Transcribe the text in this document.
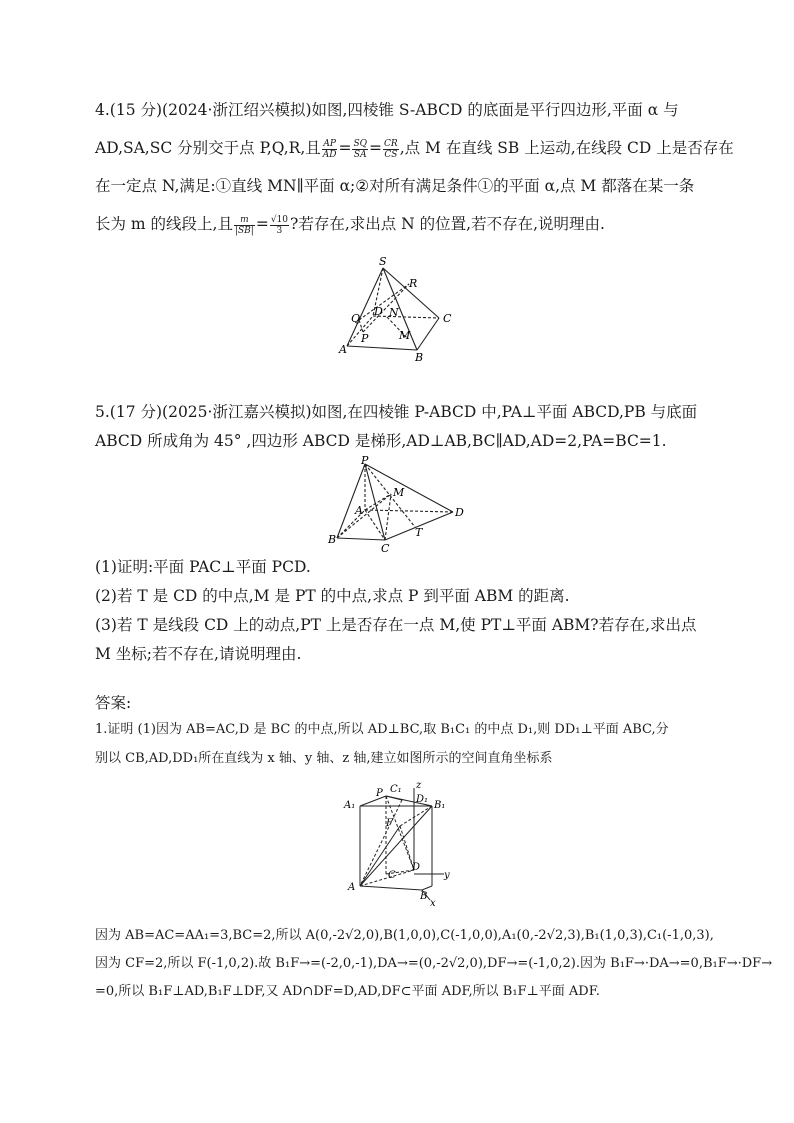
4.(15 分)(2024·浙江绍兴模拟)如图,四棱锥 S-ABCD 的底面是平行四边形,平面 α 与
AD,SA,SC 分别交于点 P,Q,R,且 $\frac{AP}{AD} = \frac{SQ}{SA} = \frac{CR}{CS}$ ,点 M 在直线 SB 上运动,在线段 CD 上是否存在
在一定点 N,满足:①直线 MN∥平面 α;②对所有满足条件①的平面 α,点 M 都落在某一条
长为 m 的线段上,且 $\frac{m}{|SB|} = \frac{√10}{3}$ ?若存在,求出点 N 的位置,若不存在,说明理由.
S
R
Q
D N	C
P	M
A
B
5.(17 分)(2025·浙江嘉兴模拟)如图,在四棱锥 P-ABCD 中,PA⊥平面 ABCD,PB 与底面
ABCD 所成角为 45° ,四边形 ABCD 是梯形,AD⊥AB,BC∥AD,AD=2,PA=BC=1.
P
M
A	D
T
B
C
(1)证明:平面 PAC⊥平面 PCD.
(2)若 T 是 CD 的中点,M 是 PT 的中点,求点 P 到平面 ABM 的距离.
(3)若 T 是线段 CD 上的动点,PT 上是否存在一点 M,使 PT⊥平面 ABM?若存在,求出点
M 坐标;若不存在,请说明理由.
答案:
1.证明 (1)因为 AB=AC,D 是 BC 的中点,所以 AD⊥BC,取 B₁C₁ 的中点 D₁,则 DD₁⊥平面 ABC,分
别以 CB,AD,DD₁所在直线为 x 轴、y 轴、z 轴,建立如图所示的空间直角坐标系
z
P C₁
D₁
A₁
F
B₁
D
C	y
A
B
x
因为 AB=AC=AA₁=3,BC=2,所以 A(0,-2√2,0),B(1,0,0),C(-1,0,0),A₁(0,-2√2,3),B₁(1,0,3),C₁(-1,0,3),
因为 CF=2,所以 F(-1,0,2).故 B₁F→=(-2,0,-1),DA→=(0,-2√2,0),DF→=(-1,0,2).因为 B₁F→·DA→=0,B₁F→·DF→
=0,所以 B₁F⊥AD,B₁F⊥DF,又 AD∩DF=D,AD,DF⊂平面 ADF,所以 B₁F⊥平面 ADF.
